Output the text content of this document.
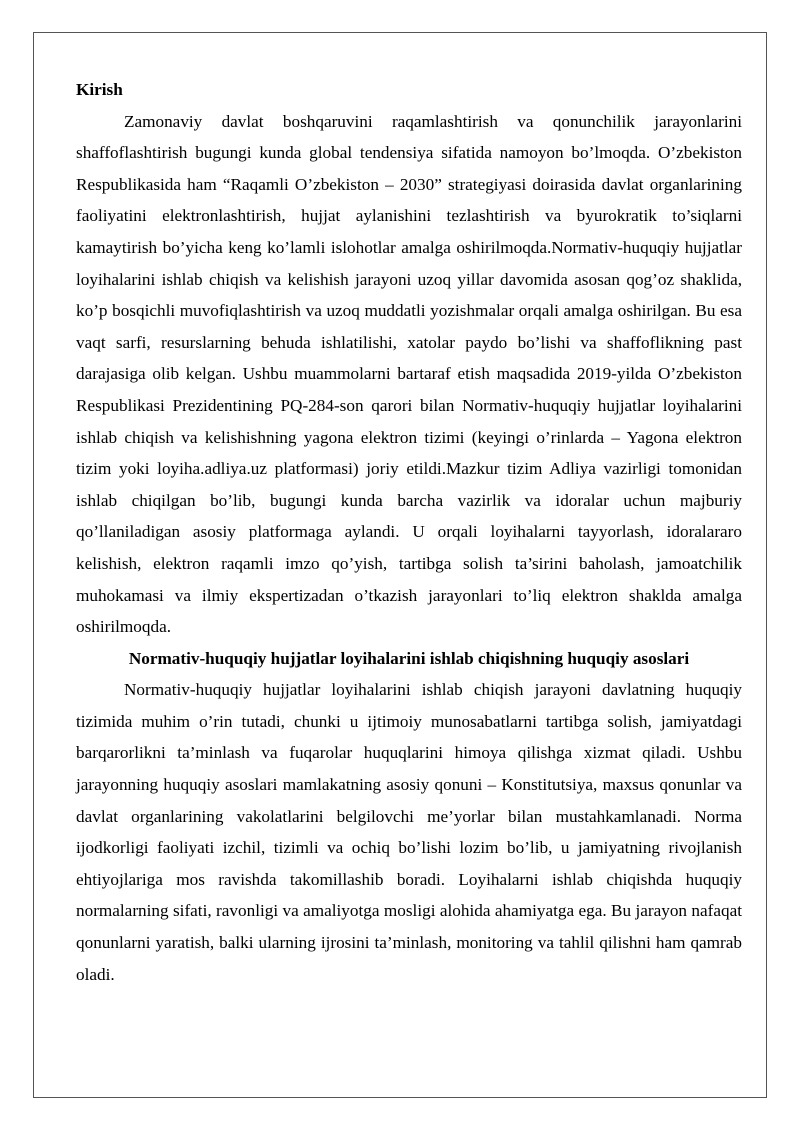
Kirish

Zamonaviy davlat boshqaruvini raqamlashtirish va qonunchilik jarayonlarini shaffoflashtirish bugungi kunda global tendensiya sifatida namoyon bo’lmoqda. O’zbekiston Respublikasida ham “Raqamli O’zbekiston – 2030” strategiyasi doirasida davlat organlarining faoliyatini elektronlashtirish, hujjat aylanishini tezlashtirish va byurokratik to’siqlarni kamaytirish bo’yicha keng ko’lamli islohotlar amalga oshirilmoqda.Normativ-huquqiy hujjatlar loyihalarini ishlab chiqish va kelishish jarayoni uzoq yillar davomida asosan qog’oz shaklida, ko’p bosqichli muvofiqlashtirish va uzoq muddatli yozishmalar orqali amalga oshirilgan. Bu esa vaqt sarfi, resurslarning behuda ishlatilishi, xatolar paydo bo’lishi va shaffoflikning past darajasiga olib kelgan. Ushbu muammolarni bartaraf etish maqsadida 2019-yilda O’zbekiston Respublikasi Prezidentining PQ-284-son qarori bilan Normativ-huquqiy hujjatlar loyihalarini ishlab chiqish va kelishishning yagona elektron tizimi (keyingi o’rinlarda – Yagona elektron tizim yoki loyiha.adliya.uz platformasi) joriy etildi.Mazkur tizim Adliya vazirligi tomonidan ishlab chiqilgan bo’lib, bugungi kunda barcha vazirlik va idoralar uchun majburiy qo’llaniladigan asosiy platformaga aylandi. U orqali loyihalarni tayyorlash, idoralararo kelishish, elektron raqamli imzo qo’yish, tartibga solish ta’sirini baholash, jamoatchilik muhokamasi va ilmiy ekspertizadan o’tkazish jarayonlari to’liq elektron shaklda amalga oshirilmoqda.

Normativ-huquqiy hujjatlar loyihalarini ishlab chiqishning huquqiy asoslari

Normativ-huquqiy hujjatlar loyihalarini ishlab chiqish jarayoni davlatning huquqiy tizimida muhim o’rin tutadi, chunki u ijtimoiy munosabatlarni tartibga solish, jamiyatdagi barqarorlikni ta’minlash va fuqarolar huquqlarini himoya qilishga xizmat qiladi. Ushbu jarayonning huquqiy asoslari mamlakatning asosiy qonuni – Konstitutsiya, maxsus qonunlar va davlat organlarining vakolatlarini belgilovchi me’yorlar bilan mustahkamlanadi. Norma ijodkorligi faoliyati izchil, tizimli va ochiq bo’lishi lozim bo’lib, u jamiyatning rivojlanish ehtiyojlariga mos ravishda takomillashib boradi. Loyihalarni ishlab chiqishda huquqiy normalarning sifati, ravonligi va amaliyotga mosligi alohida ahamiyatga ega. Bu jarayon nafaqat qonunlarni yaratish, balki ularning ijrosini ta’minlash, monitoring va tahlil qilishni ham qamrab oladi.
